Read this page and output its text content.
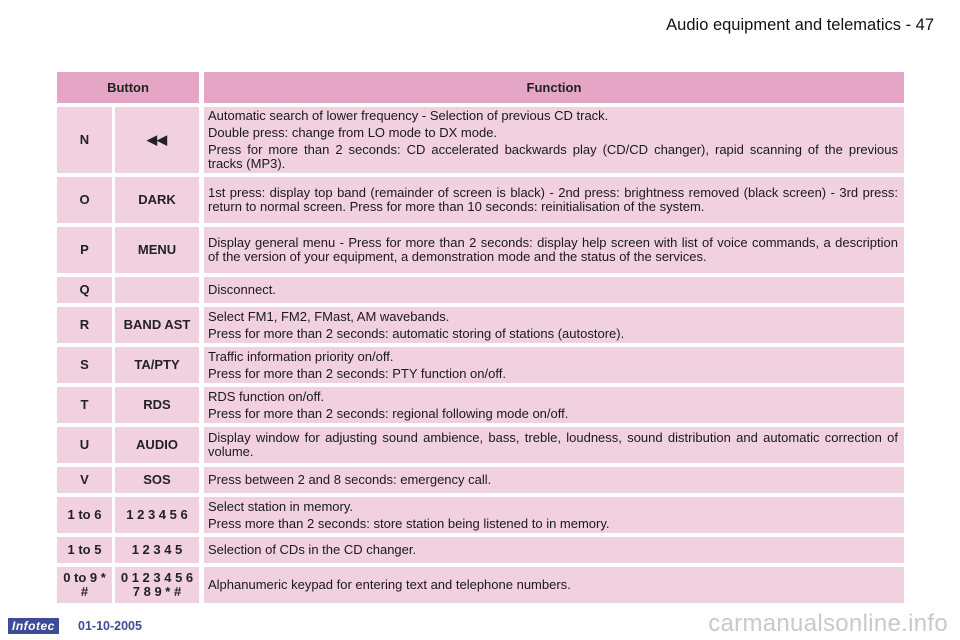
Audio equipment and telematics - 47
Button		Function
N	◀◀	Automatic search of lower frequency - Selection of previous CD track.

Double press: change from LO mode to DX mode.

Press for more than 2 seconds: CD accelerated backwards play (CD/CD changer), rapid scanning of the previous tracks (MP3).

O	DARK	1st press: display top band (remainder of screen is black) - 2nd press: brightness removed (black screen) - 3rd press: return to normal screen. Press for more than 10 seconds: reinitialisation of the system.

P	MENU	Display general menu - Press for more than 2 seconds: display help screen with list of voice commands, a description of the version of your equipment, a demonstration mode and the status of the services.

Q		Disconnect.

R	BAND AST	Select FM1, FM2, FMast, AM wavebands.

Press for more than 2 seconds: automatic storing of stations (autostore).

S	TA/PTY	Traffic information priority on/off.

Press for more than 2 seconds: PTY function on/off.

T	RDS	RDS function on/off.

Press for more than 2 seconds: regional following mode on/off.

U	AUDIO	Display window for adjusting sound ambience, bass, treble, loudness, sound distribution and automatic correction of volume.

V	SOS	Press between 2 and 8 seconds: emergency call.

1 to 6	1 2 3 4 5 6	Select station in memory.

Press more than 2 seconds: store station being listened to in memory.

1 to 5	1 2 3 4 5	Selection of CDs in the CD changer.

0 to 9 * #	0 1 2 3 4 5 6 7 8 9 * #	Alphanumeric keypad for entering text and telephone numbers.

Infotec	01-10-2005	carmanualsonline.info
